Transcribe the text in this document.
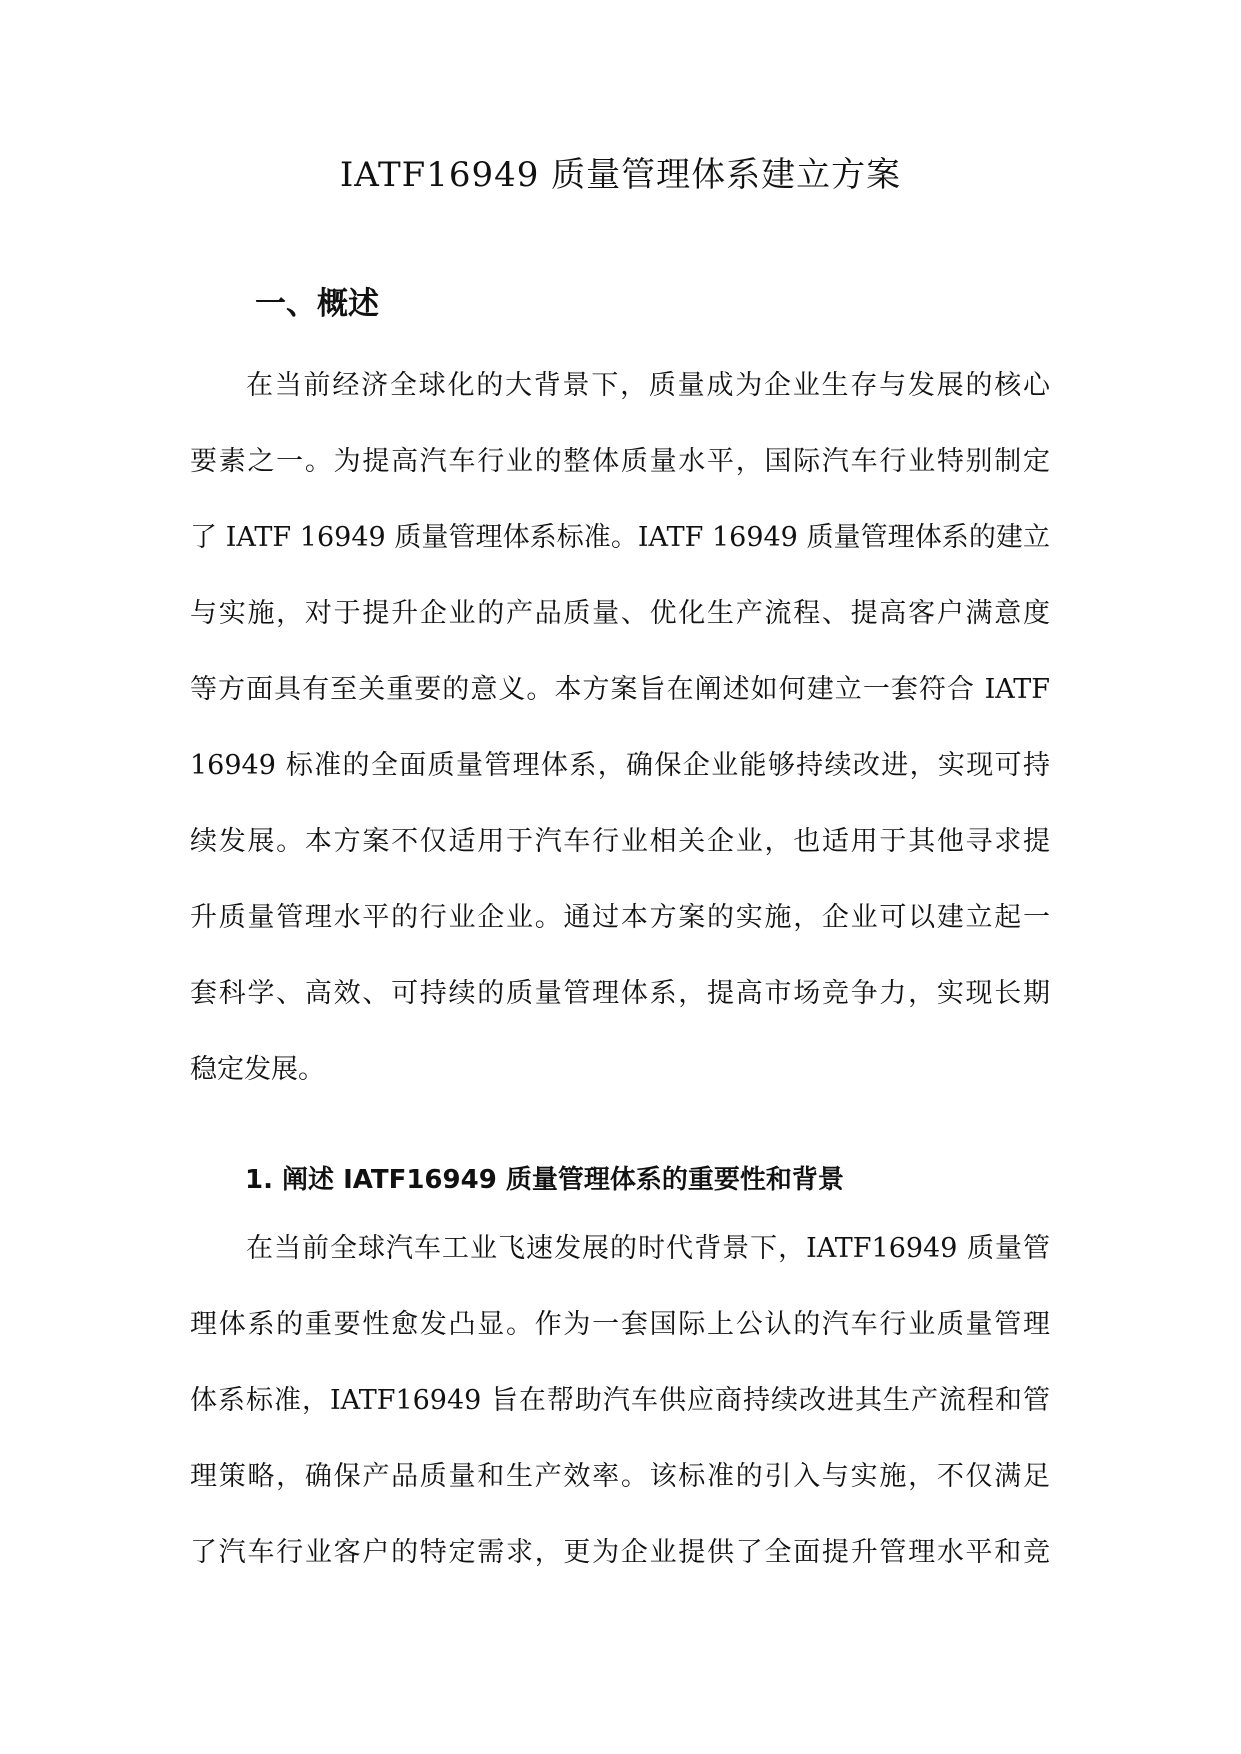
IATF16949 质量管理体系建立方案
一、概述
在当前经济全球化的大背景下，质量成为企业生存与发展的核心
要素之一。为提高汽车行业的整体质量水平，国际汽车行业特别制定
了 IATF 16949 质量管理体系标准。IATF 16949 质量管理体系的建立
与实施，对于提升企业的产品质量、优化生产流程、提高客户满意度
等方面具有至关重要的意义。本方案旨在阐述如何建立一套符合 IATF
16949 标准的全面质量管理体系，确保企业能够持续改进，实现可持
续发展。本方案不仅适用于汽车行业相关企业，也适用于其他寻求提
升质量管理水平的行业企业。通过本方案的实施，企业可以建立起一
套科学、高效、可持续的质量管理体系，提高市场竞争力，实现长期
稳定发展。
1. 阐述 IATF16949 质量管理体系的重要性和背景
在当前全球汽车工业飞速发展的时代背景下，IATF16949 质量管
理体系的重要性愈发凸显。作为一套国际上公认的汽车行业质量管理
体系标准，IATF16949 旨在帮助汽车供应商持续改进其生产流程和管
理策略，确保产品质量和生产效率。该标准的引入与实施，不仅满足
了汽车行业客户的特定需求，更为企业提供了全面提升管理水平和竞
